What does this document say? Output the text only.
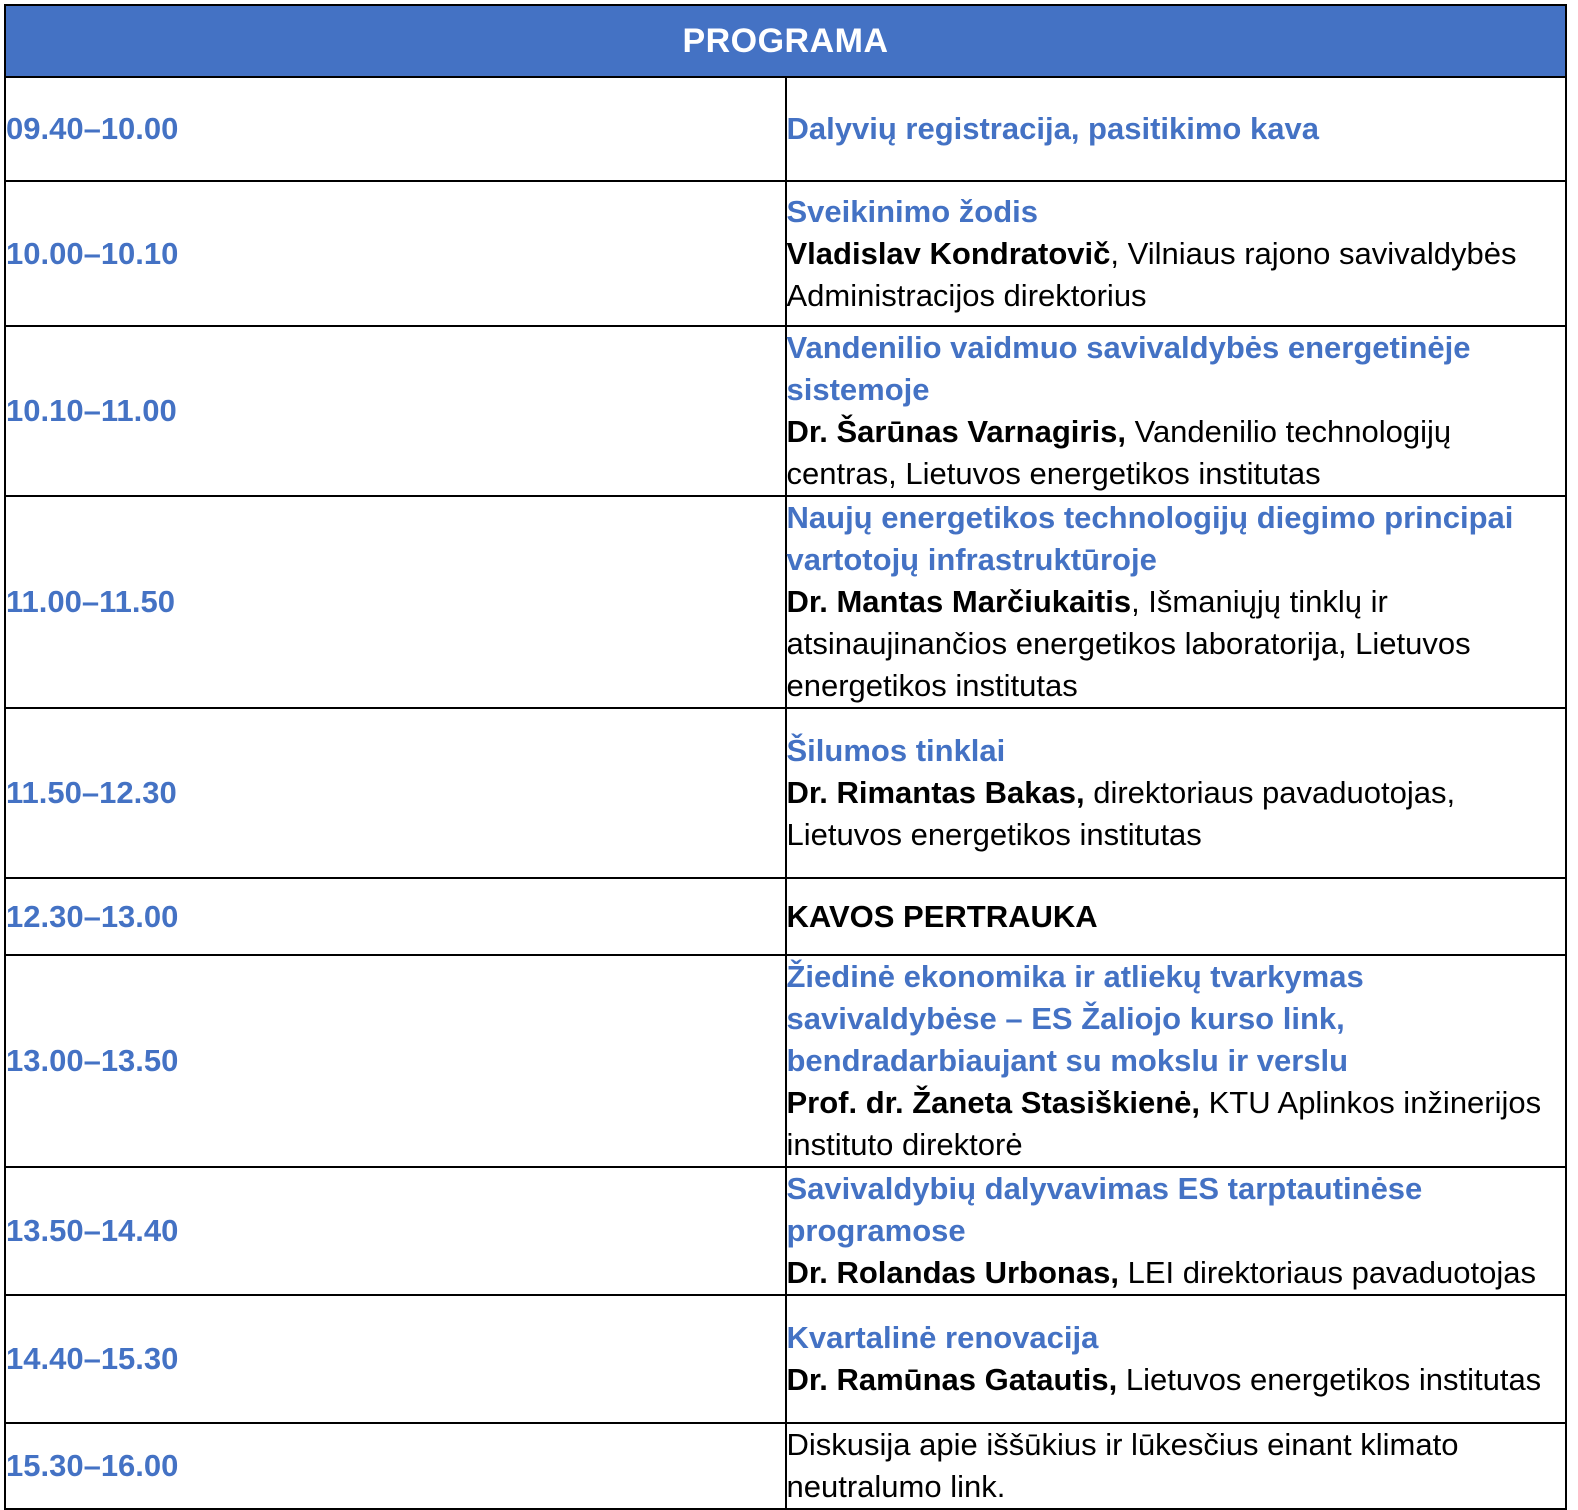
PROGRAMA	
09.40–10.00	Dalyvių registracija, pasitikimo kava

10.00–10.10	Sveikinimo žodis
Vladislav Kondratovič, Vilniaus rajono savivaldybės Administracijos direktorius
10.10–11.00	Vandenilio vaidmuo savivaldybės energetinėje sistemoje
Dr. Šarūnas Varnagiris, Vandenilio technologijų centras, Lietuvos energetikos institutas
11.00–11.50	Naujų energetikos technologijų diegimo principai vartotojų infrastruktūroje
Dr. Mantas Marčiukaitis, Išmaniųjų tinklų ir atsinaujinančios energetikos laboratorija, Lietuvos energetikos institutas
11.50–12.30	Šilumos tinklai
Dr. Rimantas Bakas, direktoriaus pavaduotojas, Lietuvos energetikos institutas
12.30–13.00	KAVOS PERTRAUKA
13.00–13.50	Žiedinė ekonomika ir atliekų tvarkymas savivaldybėse – ES Žaliojo kurso link, bendradarbiaujant su mokslu ir verslu
Prof. dr. Žaneta Stasiškienė, KTU Aplinkos inžinerijos instituto direktorė
13.50–14.40	Savivaldybių dalyvavimas ES tarptautinėse programose
Dr. Rolandas Urbonas, LEI direktoriaus pavaduotojas
14.40–15.30	Kvartalinė renovacija
Dr. Ramūnas Gatautis, Lietuvos energetikos institutas
15.30–16.00	Diskusija apie iššūkius ir lūkesčius einant klimato neutralumo link.
